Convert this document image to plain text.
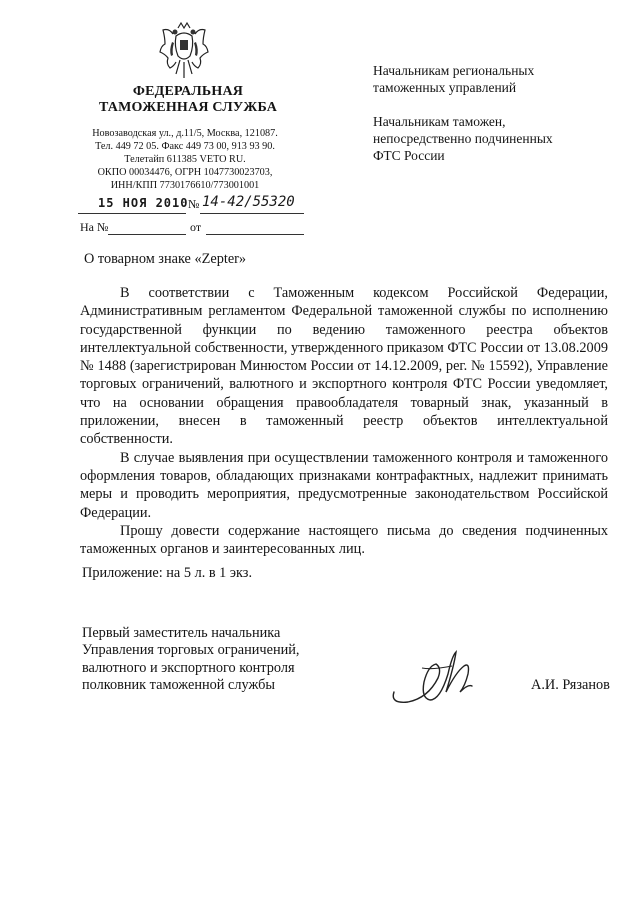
ФЕДЕРАЛЬНАЯ
ТАМОЖЕННАЯ СЛУЖБА
Новозаводская ул., д.11/5, Москва, 121087.
Тел. 449 72 05. Факс 449 73 00, 913 93 90.
Телетайп 611385 VETO RU.
ОКПО 00034476, ОГРН 1047730023703,
ИНН/КПП 7730176610/773001001
15 НОЯ 2010 № 14-42/55320
На №	от
Начальникам региональных
таможенных управлений
Начальникам таможен,
непосредственно подчиненных
ФТС России
О товарном знаке «Zepter»

В соответствии с Таможенным кодексом Российской Федерации, Административным регламентом Федеральной таможенной службы по исполнению государственной функции по ведению таможенного реестра объектов интеллектуальной собственности, утвержденного приказом ФТС России от 13.08.2009 № 1488 (зарегистрирован Минюстом России от 14.12.2009, рег. № 15592), Управление торговых ограничений, валютного и экспортного контроля ФТС России уведомляет, что на основании обращения правообладателя товарный знак, указанный в приложении, внесен в таможенный реестр объектов интеллектуальной собственности.

В случае выявления при осуществлении таможенного контроля и таможенного оформления товаров, обладающих признаками контрафактных, надлежит принимать меры и проводить мероприятия, предусмотренные законодательством Российской Федерации.

Прошу довести содержание настоящего письма до сведения подчиненных таможенных органов и заинтересованных лиц.

Приложение: на 5 л. в 1 экз.
Первый заместитель начальника
Управления торговых ограничений,
валютного и экспортного контроля
полковник таможенной службы	А.И. Рязанов
